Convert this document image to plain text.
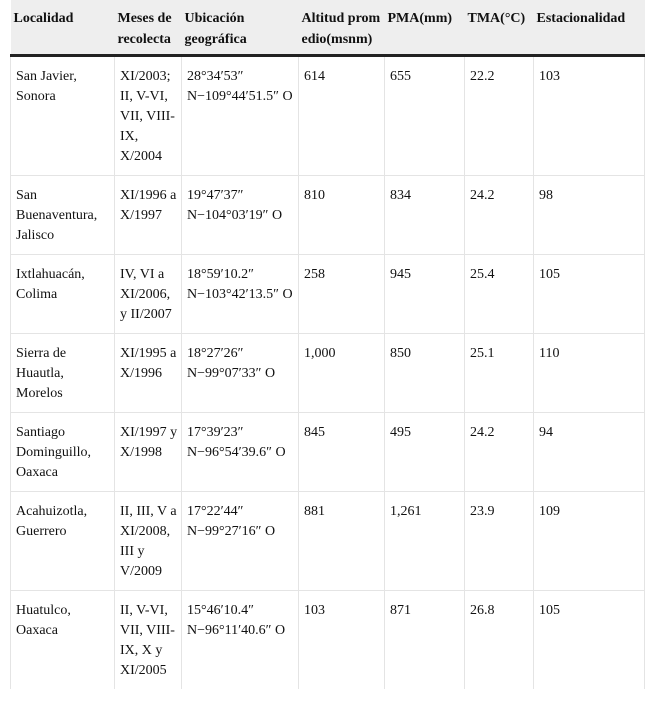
Localidad	Meses de recolecta	Ubicación geográfica	Altitud promedio(msnm)	PMA(mm)	TMA(°C)	Estacionalidad
San Javier, Sonora	XI/2003; II, V-VI, VII, VIII-IX, X/2004	28°34′53″ N−109°44′51.5″ O	614	655	22.2	103
San Buenaventura, Jalisco	XI/1996 a X/1997	19°47′37″ N−104°03′19″ O	810	834	24.2	98
Ixtlahuacán, Colima	IV, VI a XI/2006, y II/2007	18°59′10.2″ N−103°42′13.5″ O	258	945	25.4	105
Sierra de Huautla, Morelos	XI/1995 a X/1996	18°27′26″ N−99°07′33″ O	1,000	850	25.1	110
Santiago Dominguillo, Oaxaca	XI/1997 y X/1998	17°39′23″ N−96°54′39.6″ O	845	495	24.2	94
Acahuizotla, Guerrero	II, III, V a XI/2008, III y V/2009	17°22′44″ N−99°27′16″ O	881	1,261	23.9	109
Huatulco, Oaxaca	II, V-VI, VII, VIII-IX, X y XI/2005	15°46′10.4″ N−96°11′40.6″ O	103	871	26.8	105
